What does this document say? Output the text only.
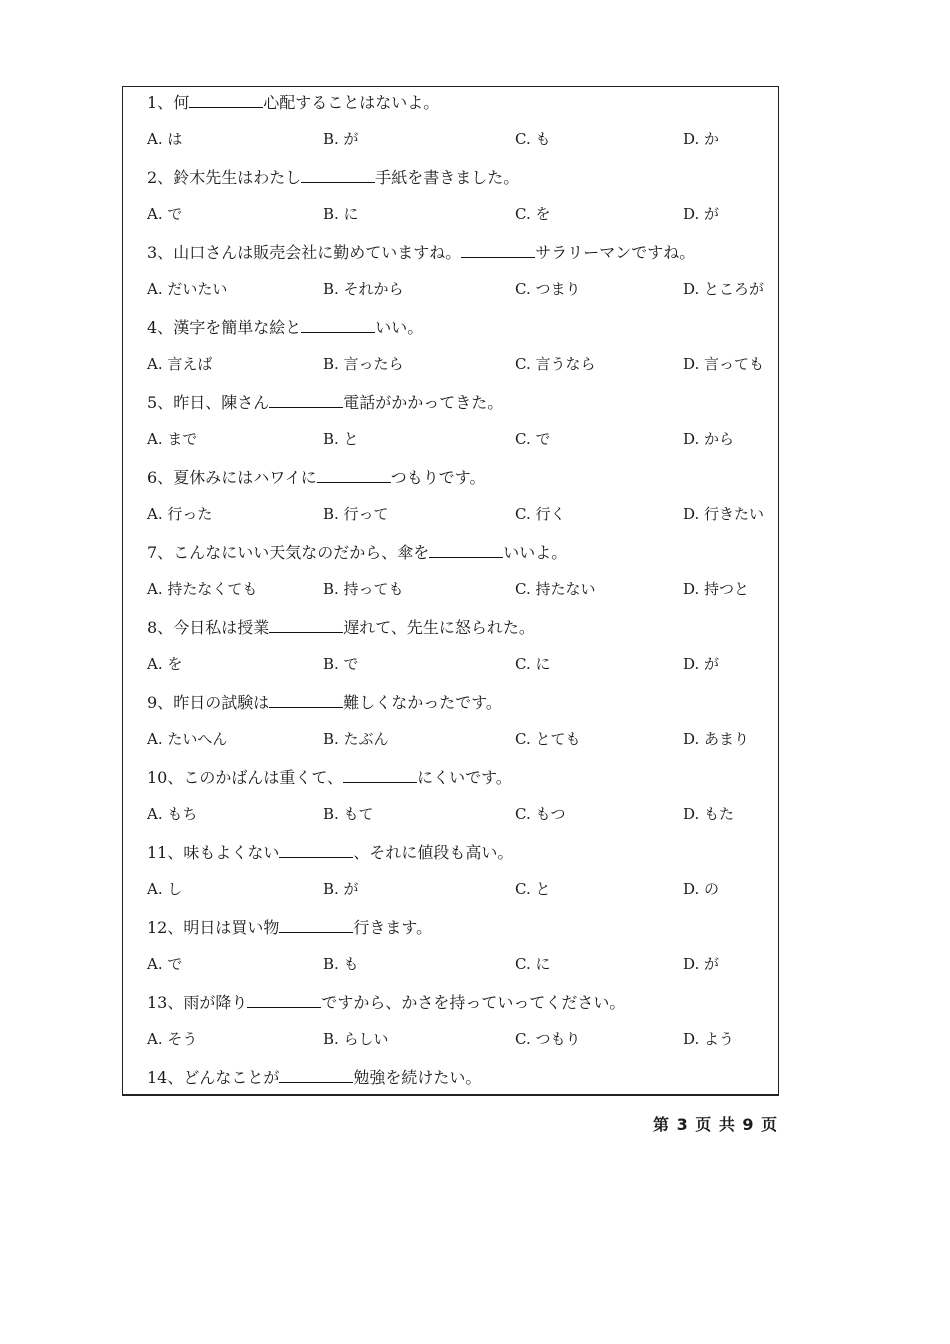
1、何	心配することはないよ。
A. は	B. が	C. も	D. か
2、鈴木先生はわたし	手紙を書きました。
A. で	B. に	C. を	D. が
3、山口さんは販売会社に勤めていますね。	サラリーマンですね。
A. だいたい	B. それから	C. つまり	D. ところが
4、漢字を簡単な絵と	いい。
A. 言えば	B. 言ったら	C. 言うなら	D. 言っても
5、昨日、陳さん	電話がかかってきた。
A. まで	B. と	C. で	D. から
6、夏休みにはハワイに	つもりです。
A. 行った	B. 行って	C. 行く	D. 行きたい
7、こんなにいい天気なのだから、傘を	いいよ。
A. 持たなくても	B. 持っても	C. 持たない	D. 持つと
8、今日私は授業	遅れて、先生に怒られた。
A. を	B. で	C. に	D. が
9、昨日の試験は	難しくなかったです。
A. たいへん	B. たぶん	C. とても	D. あまり
10、このかばんは重くて、	にくいです。
A. もち	B. もて	C. もつ	D. もた
11、味もよくない	、それに値段も高い。
A. し	B. が	C. と	D. の
12、明日は買い物	行きます。
A. で	B. も	C. に	D. が
13、雨が降り	ですから、かさを持っていってください。
A. そう	B. らしい	C. つもり	D. よう
14、どんなことが	勉強を続けたい。
第 3 页 共 9 页
